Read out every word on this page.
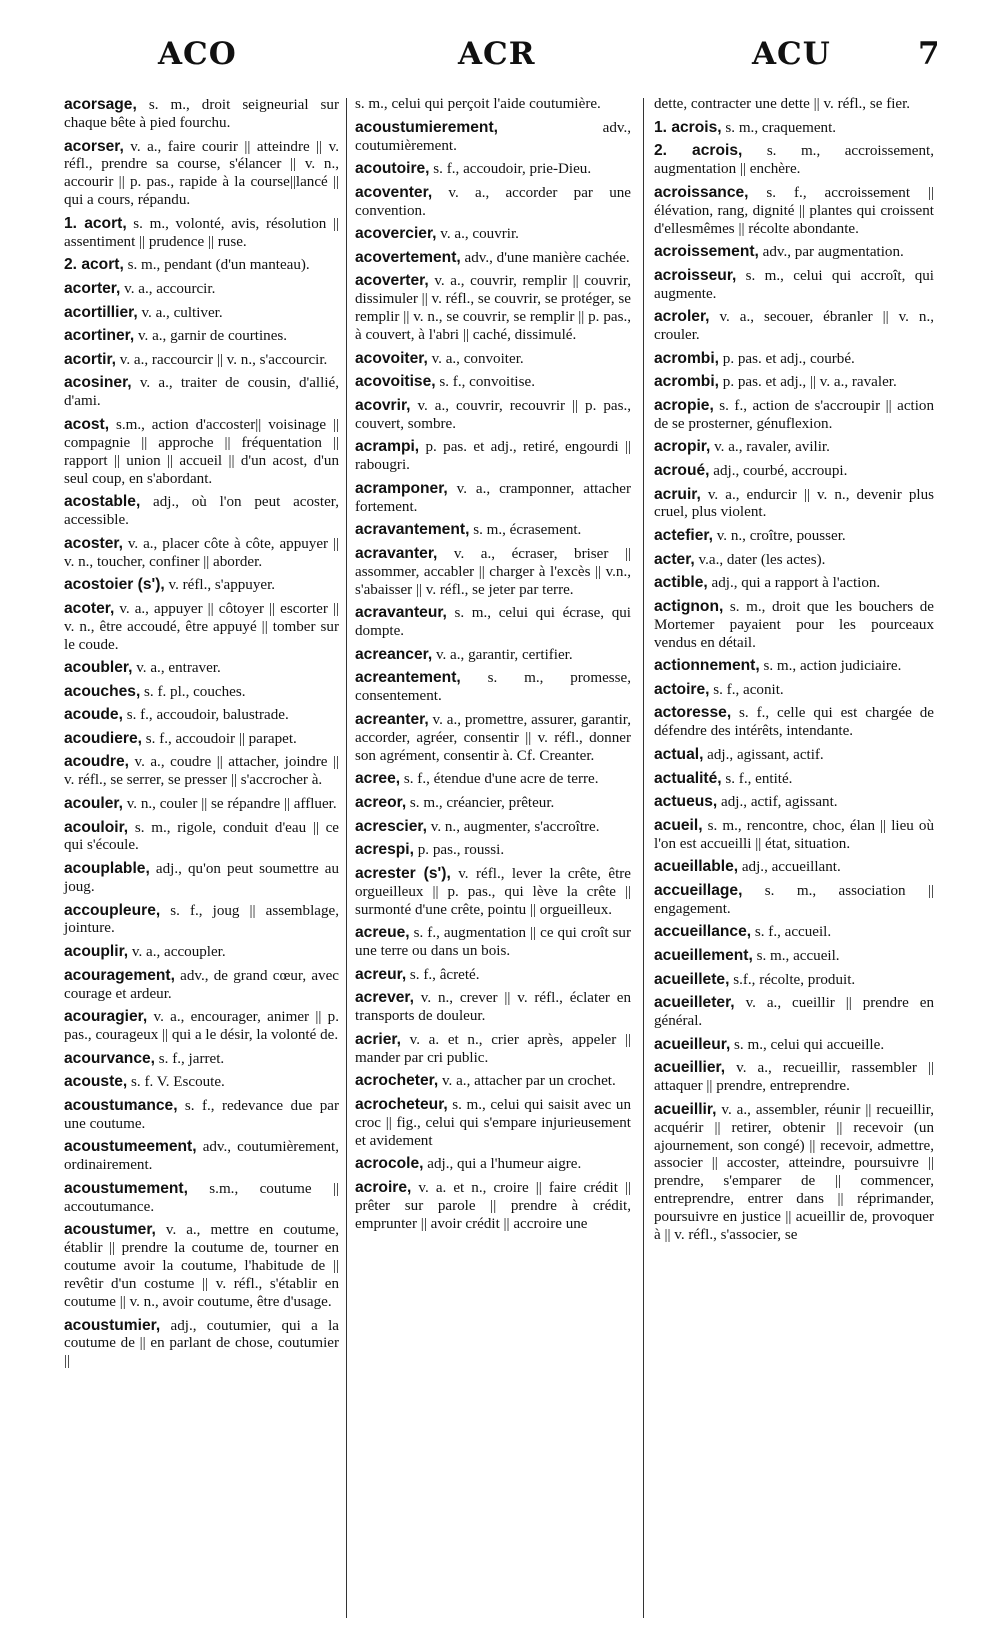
ACO	ACR	ACU	7

acorsage, s. m., droit seigneurial sur chaque bête à pied fourchu.

acorser, v. a., faire courir || atteindre || v. réfl., prendre sa course, s'élancer || v. n., accourir || p. pas., rapide à la course||lancé || qui a cours, répandu.

1. acort, s. m., volonté, avis, résolution || assentiment || prudence || ruse.

2. acort, s. m., pendant (d'un manteau).

acorter, v. a., accourcir.

acortillier, v. a., cultiver.

acortiner, v. a., garnir de courtines.

acortir, v. a., raccourcir || v. n., s'accourcir.

acosiner, v. a., traiter de cousin, d'allié, d'ami.

acost, s.m., action d'accoster|| voisinage || compagnie || approche || fréquentation || rapport || union || accueil || d'un acost, d'un seul coup, en s'abordant.

acostable, adj., où l'on peut acoster, accessible.

acoster, v. a., placer côte à côte, appuyer || v. n., toucher, confiner || aborder.

acostoier (s'), v. réfl., s'appuyer.

acoter, v. a., appuyer || côtoyer || escorter || v. n., être accoudé, être appuyé || tomber sur le coude.

acoubler, v. a., entraver.

acouches, s. f. pl., couches.

acoude, s. f., accoudoir, balustrade.

acoudiere, s. f., accoudoir || parapet.

acoudre, v. a., coudre || attacher, joindre || v. réfl., se serrer, se presser || s'accrocher à.

acouler, v. n., couler || se répandre || affluer.

acouloir, s. m., rigole, conduit d'eau || ce qui s'écoule.

acouplable, adj., qu'on peut soumettre au joug.

accoupleure, s. f., joug || assemblage, jointure.

acouplir, v. a., accoupler.

acouragement, adv., de grand cœur, avec courage et ardeur.

acouragier, v. a., encourager, animer || p. pas., courageux || qui a le désir, la volonté de.

acourvance, s. f., jarret.

acouste, s. f. V. Escoute.

acoustumance, s. f., redevance due par une coutume.

acoustumeement, adv., coutumièrement, ordinairement.

acoustumement, s.m., coutume || accoutumance.

acoustumer, v. a., mettre en coutume, établir || prendre la coutume de, tourner en coutume avoir la coutume, l'habitude de || revêtir d'un costume || v. réfl., s'établir en coutume || v. n., avoir coutume, être d'usage.

acoustumier, adj., coutumier, qui a la coutume de || en parlant de chose, coutumier ||

s. m., celui qui perçoit l'aide coutumière.

acoustumierement, adv., coutumièrement.

acoutoire, s. f., accoudoir, prie-Dieu.

acoventer, v. a., accorder par une convention.

acovercier, v. a., couvrir.

acovertement, adv., d'une manière cachée.

acoverter, v. a., couvrir, remplir || couvrir, dissimuler || v. réfl., se couvrir, se protéger, se remplir || v. n., se couvrir, se remplir || p. pas., à couvert, à l'abri || caché, dissimulé.

acovoiter, v. a., convoiter.

acovoitise, s. f., convoitise.

acovrir, v. a., couvrir, recouvrir || p. pas., couvert, sombre.

acrampi, p. pas. et adj., retiré, engourdi || rabougri.

acramponer, v. a., cramponner, attacher fortement.

acravantement, s. m., écrasement.

acravanter, v. a., écraser, briser || assommer, accabler || charger à l'excès || v.n., s'abaisser || v. réfl., se jeter par terre.

acravanteur, s. m., celui qui écrase, qui dompte.

acreancer, v. a., garantir, certifier.

acreantement, s. m., promesse, consentement.

acreanter, v. a., promettre, assurer, garantir, accorder, agréer, consentir || v. réfl., donner son agrément, consentir à. Cf. Creanter.

acree, s. f., étendue d'une acre de terre.

acreor, s. m., créancier, prêteur.

acrescier, v. n., augmenter, s'accroître.

acrespi, p. pas., roussi.

acrester (s'), v. réfl., lever la crête, être orgueilleux || p. pas., qui lève la crête || surmonté d'une crête, pointu || orgueilleux.

acreue, s. f., augmentation || ce qui croît sur une terre ou dans un bois.

acreur, s. f., âcreté.

acrever, v. n., crever || v. réfl., éclater en transports de douleur.

acrier, v. a. et n., crier après, appeler || mander par cri public.

acrocheter, v. a., attacher par un crochet.

acrocheteur, s. m., celui qui saisit avec un croc || fig., celui qui s'empare injurieusement et avidement

acrocole, adj., qui a l'humeur aigre.

acroire, v. a. et n., croire || faire crédit || prêter sur parole || prendre à crédit, emprunter || avoir crédit || accroire une

dette, contracter une dette || v. réfl., se fier.

1. acrois, s. m., craquement.

2. acrois, s. m., accroissement, augmentation || enchère.

acroissance, s. f., accroissement || élévation, rang, dignité || plantes qui croissent d'ellesmêmes || récolte abondante.

acroissement, adv., par augmentation.

acroisseur, s. m., celui qui accroît, qui augmente.

acroler, v. a., secouer, ébranler || v. n., crouler.

acrombi, p. pas. et adj., courbé.

acrombi, p. pas. et adj., || v. a., ravaler.

acropie, s. f., action de s'accroupir || action de se prosterner, génuflexion.

acropir, v. a., ravaler, avilir.

acroué, adj., courbé, accroupi.

acruir, v. a., endurcir || v. n., devenir plus cruel, plus violent.

actefier, v. n., croître, pousser.

acter, v.a., dater (les actes).

actible, adj., qui a rapport à l'action.

actignon, s. m., droit que les bouchers de Mortemer payaient pour les pourceaux vendus en détail.

actionnement, s. m., action judiciaire.

actoire, s. f., aconit.

actoresse, s. f., celle qui est chargée de défendre des intérêts, intendante.

actual, adj., agissant, actif.

actualité, s. f., entité.

actueus, adj., actif, agissant.

acueil, s. m., rencontre, choc, élan || lieu où l'on est accueilli || état, situation.

acueillable, adj., accueillant.

accueillage, s. m., association || engagement.

accueillance, s. f., accueil.

acueillement, s. m., accueil.

acueillete, s.f., récolte, produit.

acueilleter, v. a., cueillir || prendre en général.

acueilleur, s. m., celui qui accueille.

acueillier, v. a., recueillir, rassembler || attaquer || prendre, entreprendre.

acueillir, v. a., assembler, réunir || recueillir, acquérir || retirer, obtenir || recevoir (un ajournement, son congé) || recevoir, admettre, associer || accoster, atteindre, poursuivre || prendre, s'emparer de || commencer, entreprendre, entrer dans || réprimander, poursuivre en justice || acueillir de, provoquer à || v. réfl., s'associer, se
